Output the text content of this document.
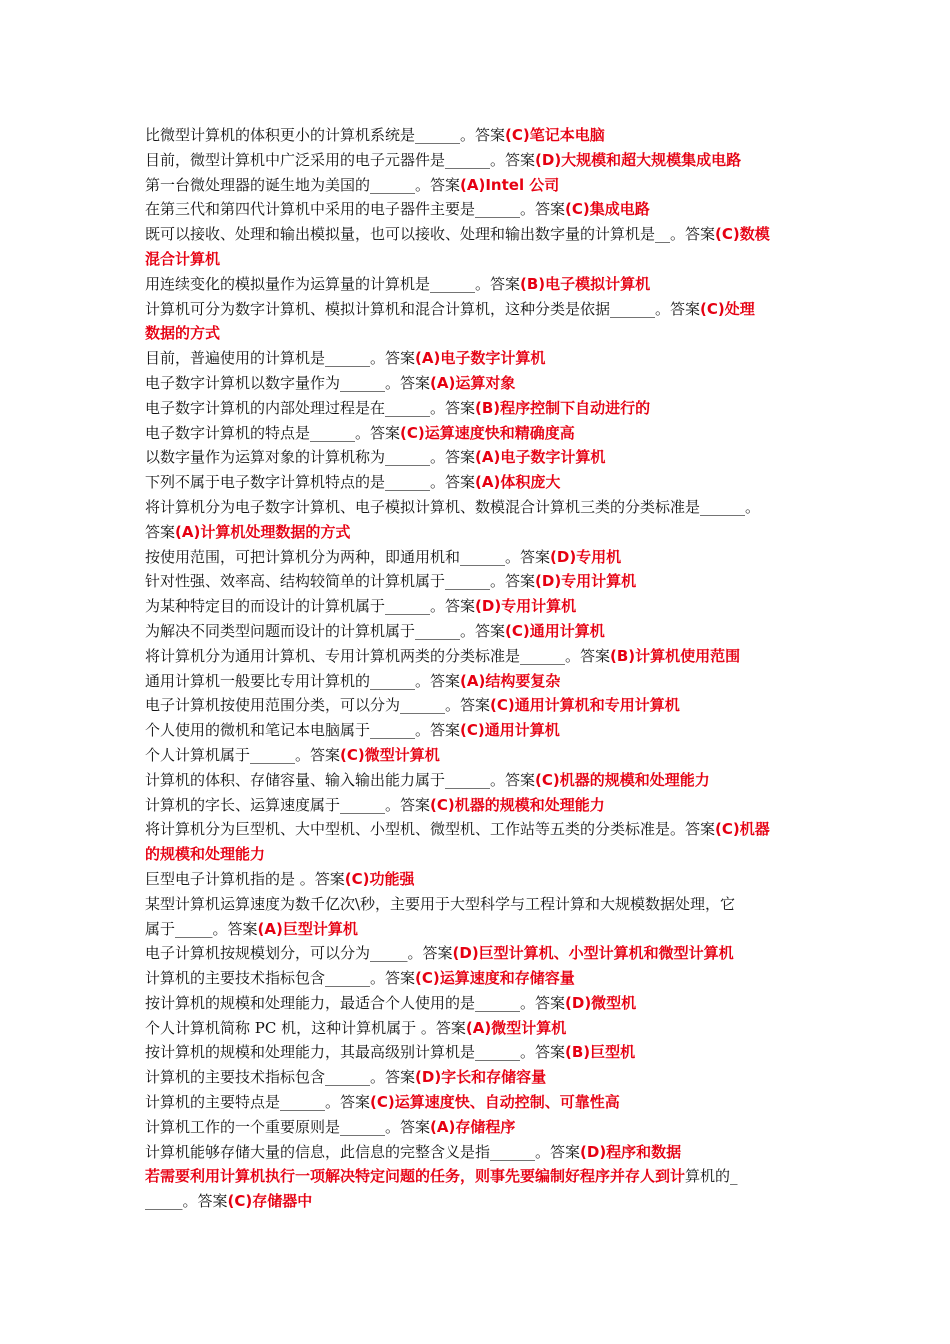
比微型计算机的体积更小的计算机系统是______。答案(C)笔记本电脑
目前，微型计算机中广泛采用的电子元器件是______。答案(D)大规模和超大规模集成电路
第一台微处理器的诞生地为美国的______。答案(A)Intel 公司
在第三代和第四代计算机中采用的电子器件主要是______。答案(C)集成电路
既可以接收、处理和输出模拟量，也可以接收、处理和输出数字量的计算机是__。答案(C)数模
混合计算机
用连续变化的模拟量作为运算量的计算机是______。答案(B)电子模拟计算机
计算机可分为数字计算机、模拟计算机和混合计算机，这种分类是依据______。答案(C)处理
数据的方式
目前，普遍使用的计算机是______。答案(A)电子数字计算机
电子数字计算机以数字量作为______。答案(A)运算对象
电子数字计算机的内部处理过程是在______。答案(B)程序控制下自动进行的
电子数字计算机的特点是______。答案(C)运算速度快和精确度高
以数字量作为运算对象的计算机称为______。答案(A)电子数字计算机
下列不属于电子数字计算机特点的是______。答案(A)体积庞大
将计算机分为电子数字计算机、电子模拟计算机、数模混合计算机三类的分类标准是______。
答案(A)计算机处理数据的方式
按使用范围，可把计算机分为两种，即通用机和______。答案(D)专用机
针对性强、效率高、结构较简单的计算机属于______。答案(D)专用计算机
为某种特定目的而设计的计算机属于______。答案(D)专用计算机
为解决不同类型问题而设计的计算机属于______。答案(C)通用计算机
将计算机分为通用计算机、专用计算机两类的分类标准是______。答案(B)计算机使用范围
通用计算机一般要比专用计算机的______。答案(A)结构要复杂
电子计算机按使用范围分类，可以分为______。答案(C)通用计算机和专用计算机
个人使用的微机和笔记本电脑属于______。答案(C)通用计算机
个人计算机属于______。答案(C)微型计算机
计算机的体积、存储容量、输入输出能力属于______。答案(C)机器的规模和处理能力
计算机的字长、运算速度属于______。答案(C)机器的规模和处理能力
将计算机分为巨型机、大中型机、小型机、微型机、工作站等五类的分类标准是。答案(C)机器
的规模和处理能力
巨型电子计算机指的是 。答案(C)功能强
某型计算机运算速度为数千亿次\秒，主要用于大型科学与工程计算和大规模数据处理，它
属于_____。答案(A)巨型计算机
电子计算机按规模划分，可以分为_____。答案(D)巨型计算机、小型计算机和微型计算机
计算机的主要技术指标包含______。答案(C)运算速度和存储容量
按计算机的规模和处理能力，最适合个人使用的是______。答案(D)微型机
个人计算机简称 PC 机，这种计算机属于 。答案(A)微型计算机
按计算机的规模和处理能力，其最高级别计算机是______。答案(B)巨型机
计算机的主要技术指标包含______。答案(D)字长和存储容量
计算机的主要特点是______。答案(C)运算速度快、自动控制、可靠性高
计算机工作的一个重要原则是______。答案(A)存储程序
计算机能够存储大量的信息，此信息的完整含义是指______。答案(D)程序和数据
若需要利用计算机执行一项解决特定问题的任务，则事先要编制好程序并存人到计算机的_
_____。答案(C)存储器中
